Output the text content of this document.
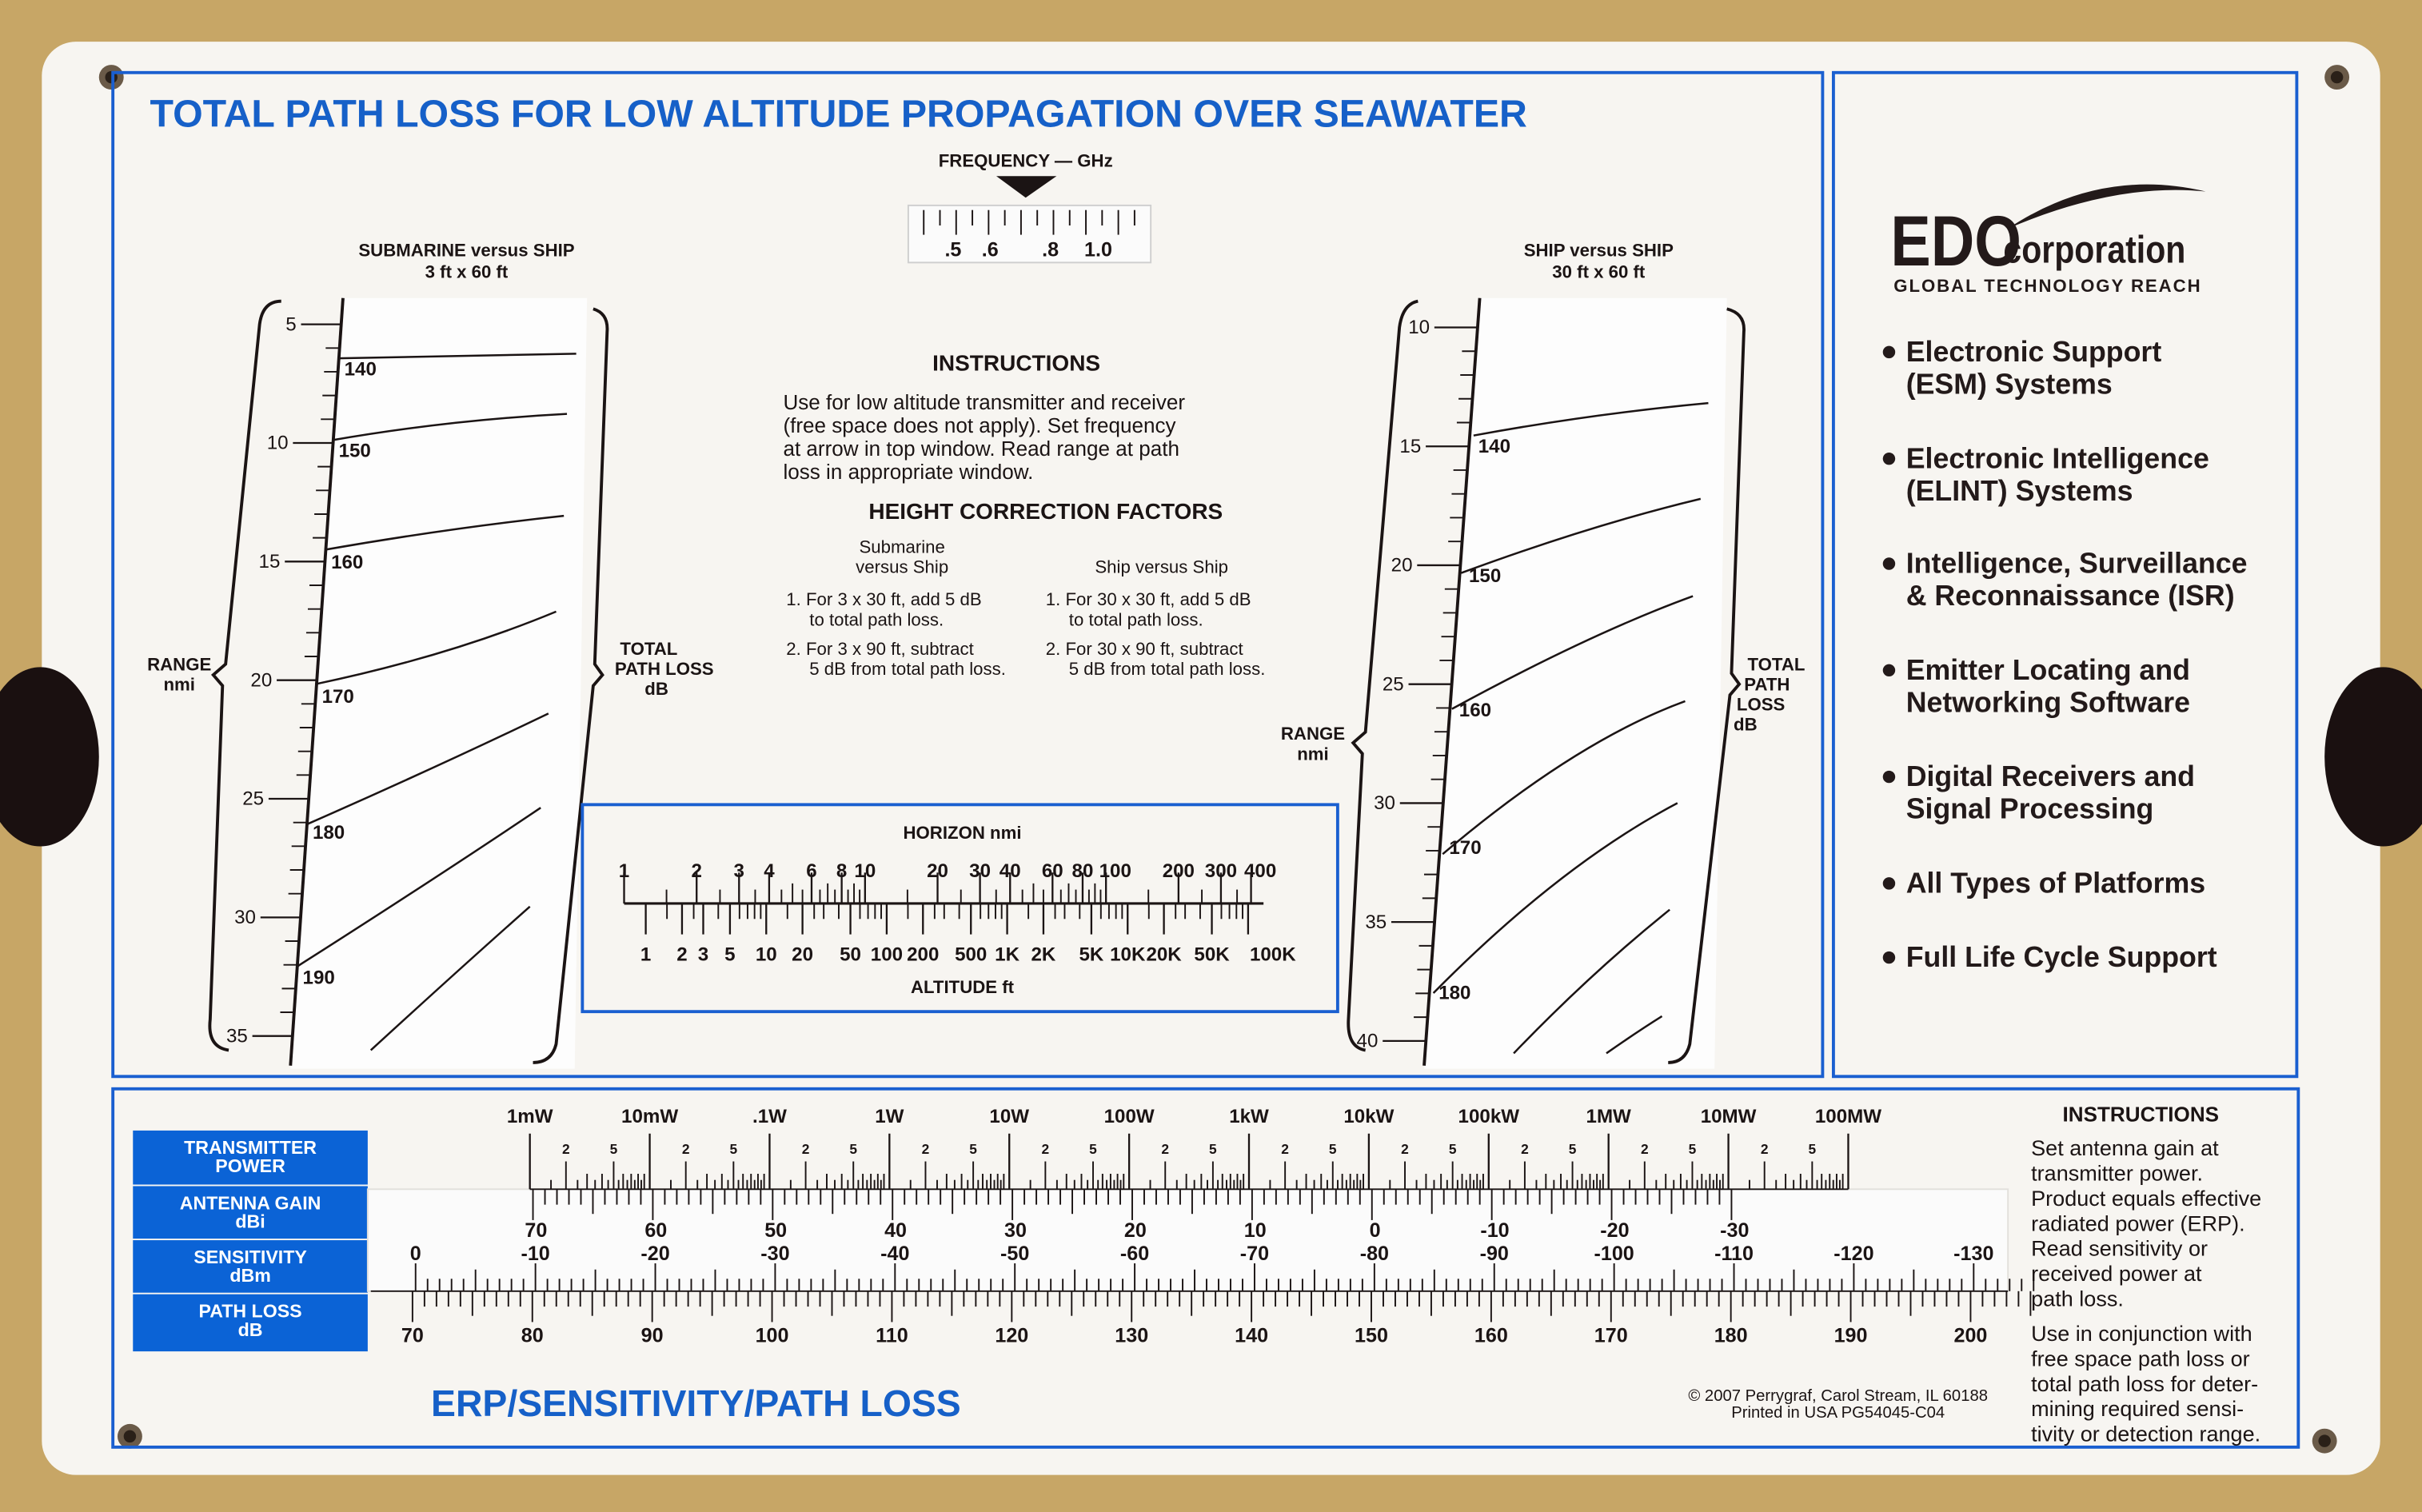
TOTAL PATH LOSS FOR LOW ALTITUDE PROPAGATION OVER SEAWATER
FREQUENCY — GHz
.5 .6	.8 1.0
SUBMARINE versus SHIP
3 ft x 60 ft
5
10
15
20
25
30
35
140
150
160
170
180
190
RANGE
nmi
TOTAL
PATH LOSS
dB
SHIP versus SHIP
30 ft x 60 ft
10
15
20
25
30
35
40
140
150
160
170
180
RANGE
nmi
TOTAL
PATH
LOSS
dB
INSTRUCTIONS
Use for low altitude transmitter and receiver
(free space does not apply). Set frequency
at arrow in top window. Read range at path
loss in appropriate window.
HEIGHT CORRECTION FACTORS
Submarine
versus Ship	Ship versus Ship
1. For 3 x 30 ft, add 5 dB
to total path loss.
2. For 3 x 90 ft, subtract
5 dB from total path loss.
1. For 30 x 30 ft, add 5 dB
to total path loss.
2. For 30 x 90 ft, subtract
5 dB from total path loss.
HORIZON nmi
ALTITUDE ft
1	2	3 4	6 8 10	20 30 40 60 80 100	200 300 400
1	2 3 5 10 20	50 100 200 500 1K 2K 5K 10K 20K 50K 100K
EDO
corporation
GLOBAL TECHNOLOGY REACH
Electronic Support
(ESM) Systems
Electronic Intelligence
(ELINT) Systems
Intelligence, Surveillance
& Reconnaissance (ISR)
Emitter Locating and
Networking Software
Digital Receivers and
Signal Processing
All Types of Platforms
Full Life Cycle Support
TRANSMITTER
POWER
ANTENNA GAIN
dBi
SENSITIVITY
dBm
PATH LOSS
dB
1mW
2	5
10mW
2	5
.1W
2	5
1W
2	5
10W
2	5
100W
2	5
1kW
2	5
10kW
2	5
100kW
2	5
1MW
2	5
10MW
2	5
100MW
70	60	50	40	30	20	10	0	-10	-20	-30
0	-10	-20	-30	-40	-50	-60	-70	-80	-90	-100	-110	-120	-130
70	80	90	100	110	120	130	140	150	160	170	180	190	200
ERP/SENSITIVITY/PATH LOSS	© 2007 Perrygraf, Carol Stream, IL 60188
Printed in USA PG54045-C04
INSTRUCTIONS
Set antenna gain at
transmitter power.
Product equals effective
radiated power (ERP).
Read sensitivity or
received power at
path loss.
Use in conjunction with
free space path loss or
total path loss for deter-
mining required sensi-
tivity or detection range.
